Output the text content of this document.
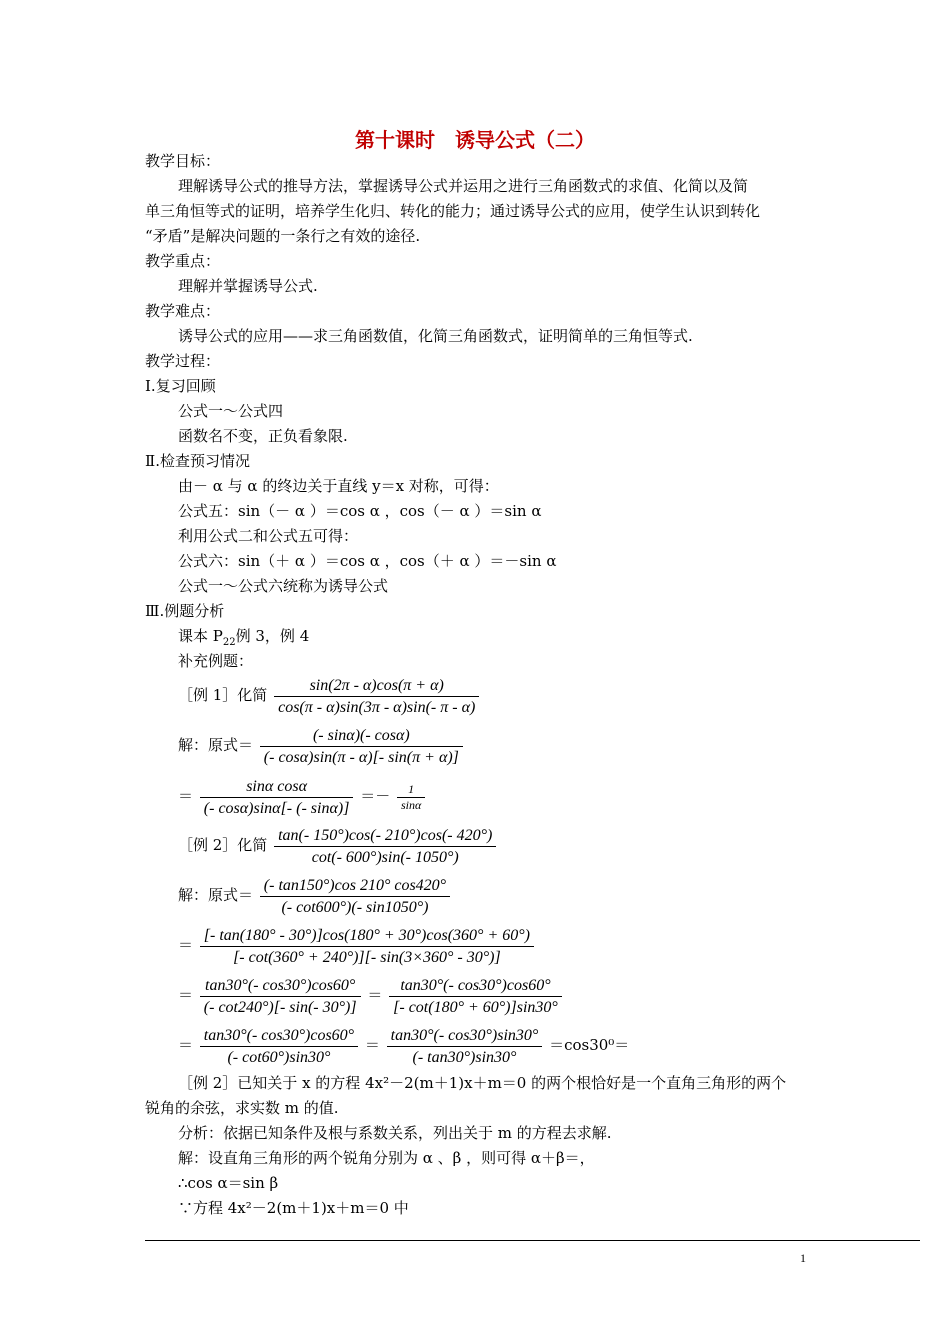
第十课时　诱导公式（二）
教学目标：
理解诱导公式的推导方法，掌握诱导公式并运用之进行三角函数式的求值、化简以及简
单三角恒等式的证明，培养学生化归、转化的能力；通过诱导公式的应用，使学生认识到转化
“矛盾”是解决问题的一条行之有效的途径.
教学重点：
理解并掌握诱导公式.
教学难点：
诱导公式的应用——求三角函数值，化简三角函数式，证明简单的三角恒等式.
教学过程：
Ⅰ.复习回顾
公式一～公式四
函数名不变，正负看象限.
Ⅱ.检查预习情况
由－ α 与 α 的终边关于直线 y＝x 对称，可得：
公式五：sin（－ α ）＝cos α ，cos（－ α ）＝sin α
利用公式二和公式五可得：
公式六：sin（＋ α ）＝cos α ，cos（＋ α ）＝－sin α
公式一～公式六统称为诱导公式
Ⅲ.例题分析
课本 $P_{22}$例 3，例 4
补充例题：
［例 1］化简 $\frac{\sin(2\pi - \alpha)\cos(\pi + \alpha)}{\cos(\pi - \alpha)\sin(3\pi - \alpha)\sin(- \pi - \alpha)}$
解：原式＝ $\frac{(- \sin\alpha)(- \cos\alpha)}{(- \cos\alpha)\sin(\pi - \alpha)[- \sin(\pi + \alpha)]}$
＝ $\frac{\text{sinα cosα}}{(- \cos\alpha)\sin\alpha[- (- \sin\alpha)]} =- \frac{1}{\sin\alpha}$
［例 2］化简 $\frac{\tan(- 150^\circ)\cos(- 210^\circ)\cos(- 420^\circ)}{\cot(- 600^\circ)\sin(- 1050^\circ)}$
解：原式＝ $\frac{(- \tan 150^\circ)\cos 210^\circ \cos 420^\circ}{(- \cot 600^\circ)(- \sin 1050^\circ)}$
＝ $\frac{[- \tan(180^\circ - 30^\circ)]\cos(180^\circ + 30^\circ)\cos(360^\circ + 60^\circ)}{[- \cot(360^\circ + 240^\circ)][- \sin(3\times 360^\circ - 30^\circ)]}$
＝ $\frac{\tan 30^\circ(- \cos 30^\circ)\cos 60^\circ}{(- \cot 240^\circ)[- \sin(- 30^\circ)]} = \frac{\tan 30^\circ(- \cos 30^\circ)\cos 60^\circ}{[- \cot(180^\circ + 60^\circ)]\sin 30^\circ}$
＝ $\frac{\tan 30^\circ(- \cos 30^\circ)\cos 60^\circ}{(- \cot 60^\circ)\sin 30^\circ} = \frac{\tan 30^\circ(- \cos 30^\circ)\sin 30^\circ}{(- \tan 30^\circ)\sin 30^\circ} =\cos 30^0=$
［例 2］已知关于 x 的方程 4x²－2(m＋1)x＋m＝0 的两个根恰好是一个直角三角形的两个
锐角的余弦，求实数 m 的值.
分析：依据已知条件及根与系数关系，列出关于 m 的方程去求解.
解：设直角三角形的两个锐角分别为 α 、β ，则可得 α＋β＝，
∴cos α＝sin β
∵方程 4x²－2(m＋1)x＋m＝0 中
1
